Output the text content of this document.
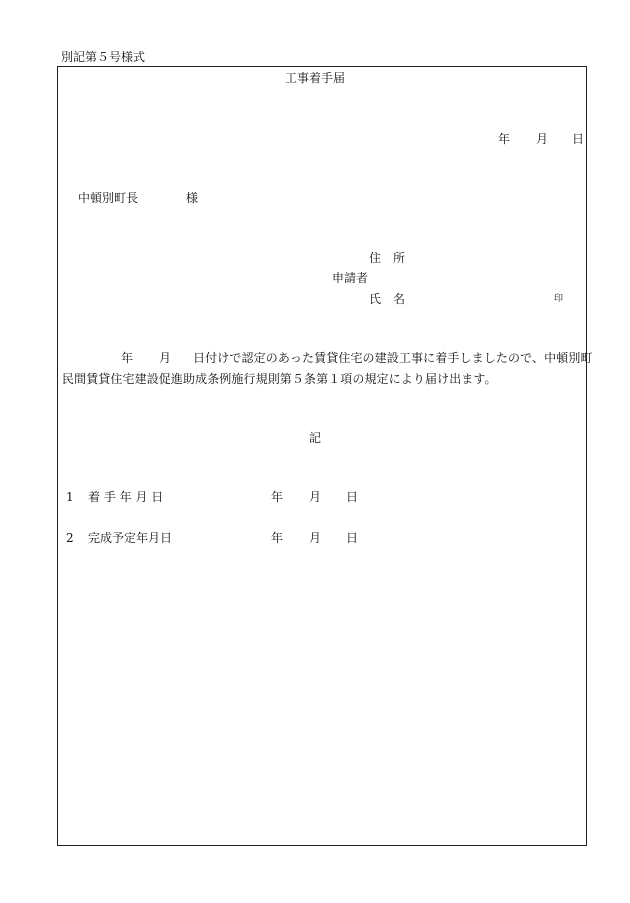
別記第５号様式
工事着手届
年 月 日
中頓別町長	様
住　所
申請者
氏　名	印
年 月 日付けで認定のあった賃貸住宅の建設工事に着手しましたので、中頓別町
民間賃貸住宅建設促進助成条例施行規則第５条第１項の規定により届け出ます。
記
1 着 手 年 月 日	年 月 日
2 完成予定年月日	年 月 日
